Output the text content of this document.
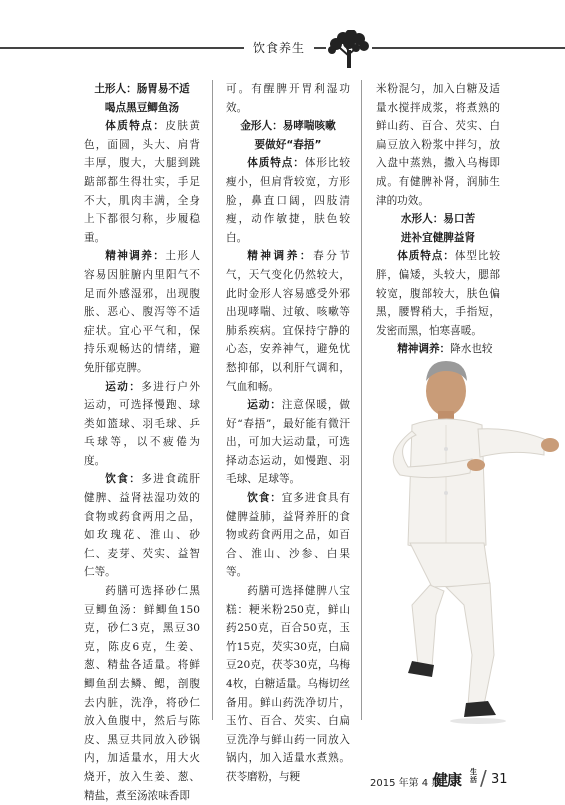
饮食养生

土形人：肠胃易不适

喝点黑豆鲫鱼汤

体质特点：皮肤黄色，面圆，头大、肩背丰厚，腹大，大腿到跳踮部都生得壮实，手足不大，肌肉丰满，全身上下都很匀称，步履稳重。

精神调养：土形人容易因脏腑内里阳气不足而外感湿邪，出现腹胀、恶心、腹泻等不适症状。宜心平气和，保持乐观畅达的情绪，避免肝郁克脾。

运动：多进行户外运动，可选择慢跑、球类如篮球、羽毛球、乒乓球等，以不疲倦为度。

饮食：多进食疏肝健脾、益肾祛湿功效的食物或药食两用之品，如玫瑰花、淮山、砂仁、麦芽、芡实、益智仁等。

药膳可选择砂仁黑豆鲫鱼汤：鲜鲫鱼150克，砂仁3克，黑豆30克，陈皮6克，生姜、葱、精盐各适量。将鲜鲫鱼刮去鳞、鳃，剖腹去内脏，洗净，将砂仁放入鱼腹中，然后与陈皮、黑豆共同放入砂锅内，加适量水，用大火烧开，放入生姜、葱、精盐，煮至汤浓味香即

可。有醒脾开胃利湿功效。

金形人：易哮喘咳嗽

要做好“春捂”

体质特点：体形比较瘦小，但肩背较宽，方形脸，鼻直口阔，四肢清瘦，动作敏捷，肤色较白。

精神调养：春分节气，天气变化仍然较大，此时金形人容易感受外邪出现哮喘、过敏、咳嗽等肺系疾病。宜保持宁静的心态，安养神气，避免忧愁抑郁，以利肝气调和，气血和畅。

运动：注意保暖，做好“春捂”，最好能有微汗出，可加大运动量，可选择动态运动，如慢跑、羽毛球、足球等。

饮食：宜多进食具有健脾益肺，益肾养肝的食物或药食两用之品，如百合、淮山、沙参、白果等。

药膳可选择健脾八宝糕：粳米粉250克，鲜山药250克，百合50克，玉竹15克，芡实30克，白扁豆20克，茯苓30克，乌梅4枚，白糖适量。乌梅切丝备用。鲜山药洗净切片，玉竹、百合、芡实、白扁豆洗净与鲜山药一同放入锅内，加入适量水煮熟。茯苓磨粉，与粳

米粉混匀，加入白糖及适量水搅拌成浆，将煮熟的鲜山药、百合、芡实、白扁豆放入粉浆中拌匀，放入盘中蒸熟，撒入乌梅即成。有健脾补肾，润肺生津的功效。

水形人：易口苦

进补宜健脾益肾

体质特点：体型比较胖，偏矮，头较大，腮部较宽，腹部较大，肤色偏黑，腰臀稍大，手指短，发密而黑，怕寒喜暖。

精神调养：降水也较

2015 年第 4 期
健康 生活 / 31
